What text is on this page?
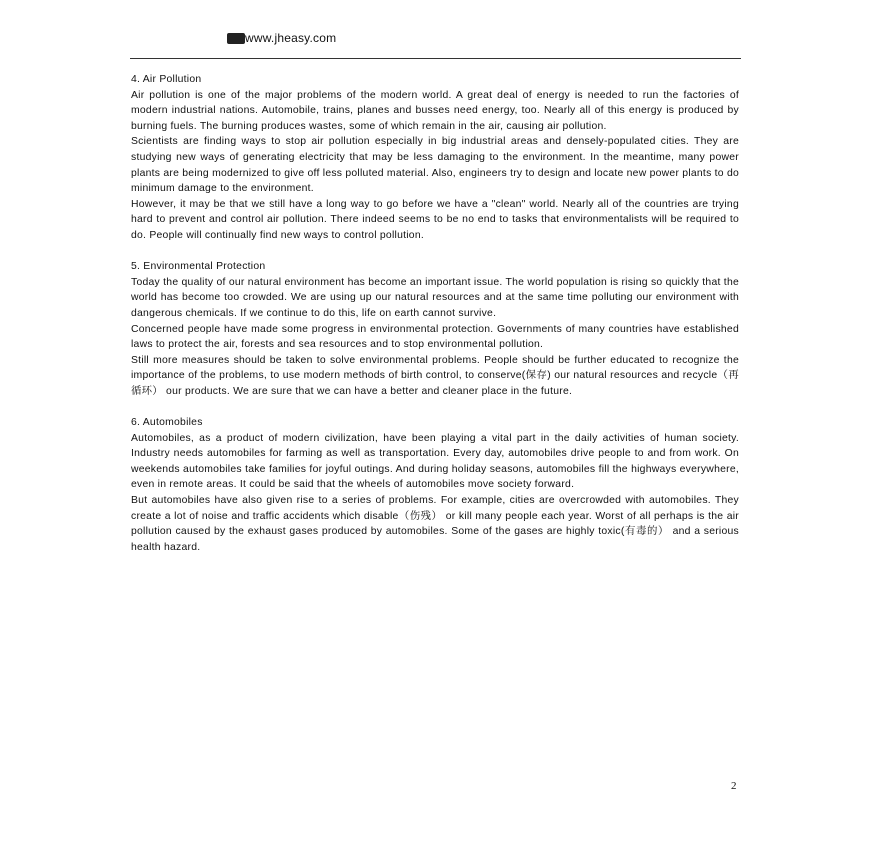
www.jheasy.com

4. Air Pollution

Air pollution is one of the major problems of the modern world. A great deal of energy is needed to run the factories of modern industrial nations. Automobile, trains, planes and busses need energy, too. Nearly all of this energy is produced by burning fuels. The burning produces wastes, some of which remain in the air, causing air pollution.

Scientists are finding ways to stop air pollution especially in big industrial areas and densely-populated cities. They are studying new ways of generating electricity that may be less damaging to the environment. In the meantime, many power plants are being modernized to give off less polluted material. Also, engineers try to design and locate new power plants to do minimum damage to the environment.

However, it may be that we still have a long way to go before we have a "clean" world. Nearly all of the countries are trying hard to prevent and control air pollution. There indeed seems to be no end to tasks that environmentalists will be required to do. People will continually find new ways to control pollution.

5. Environmental Protection

Today the quality of our natural environment has become an important issue. The world population is rising so quickly that the world has become too crowded. We are using up our natural resources and at the same time polluting our environment with dangerous chemicals. If we continue to do this, life on earth cannot survive.

Concerned people have made some progress in environmental protection. Governments of many countries have established laws to protect the air, forests and sea resources and to stop environmental pollution.

Still more measures should be taken to solve environmental problems. People should be further educated to recognize the importance of the problems, to use modern methods of birth control, to conserve(保存) our natural resources and recycle（再循环） our products. We are sure that we can have a better and cleaner place in the future.

6. Automobiles

Automobiles, as a product of modern civilization, have been playing a vital part in the daily activities of human society. Industry needs automobiles for farming as well as transportation. Every day, automobiles drive people to and from work. On weekends automobiles take families for joyful outings. And during holiday seasons, automobiles fill the highways everywhere, even in remote areas. It could be said that the wheels of automobiles move society forward.

But automobiles have also given rise to a series of problems. For example, cities are overcrowded with automobiles. They create a lot of noise and traffic accidents which disable（伤残） or kill many people each year. Worst of all perhaps is the air pollution caused by the exhaust gases produced by automobiles. Some of the gases are highly toxic(有毒的） and a serious health hazard.

2
